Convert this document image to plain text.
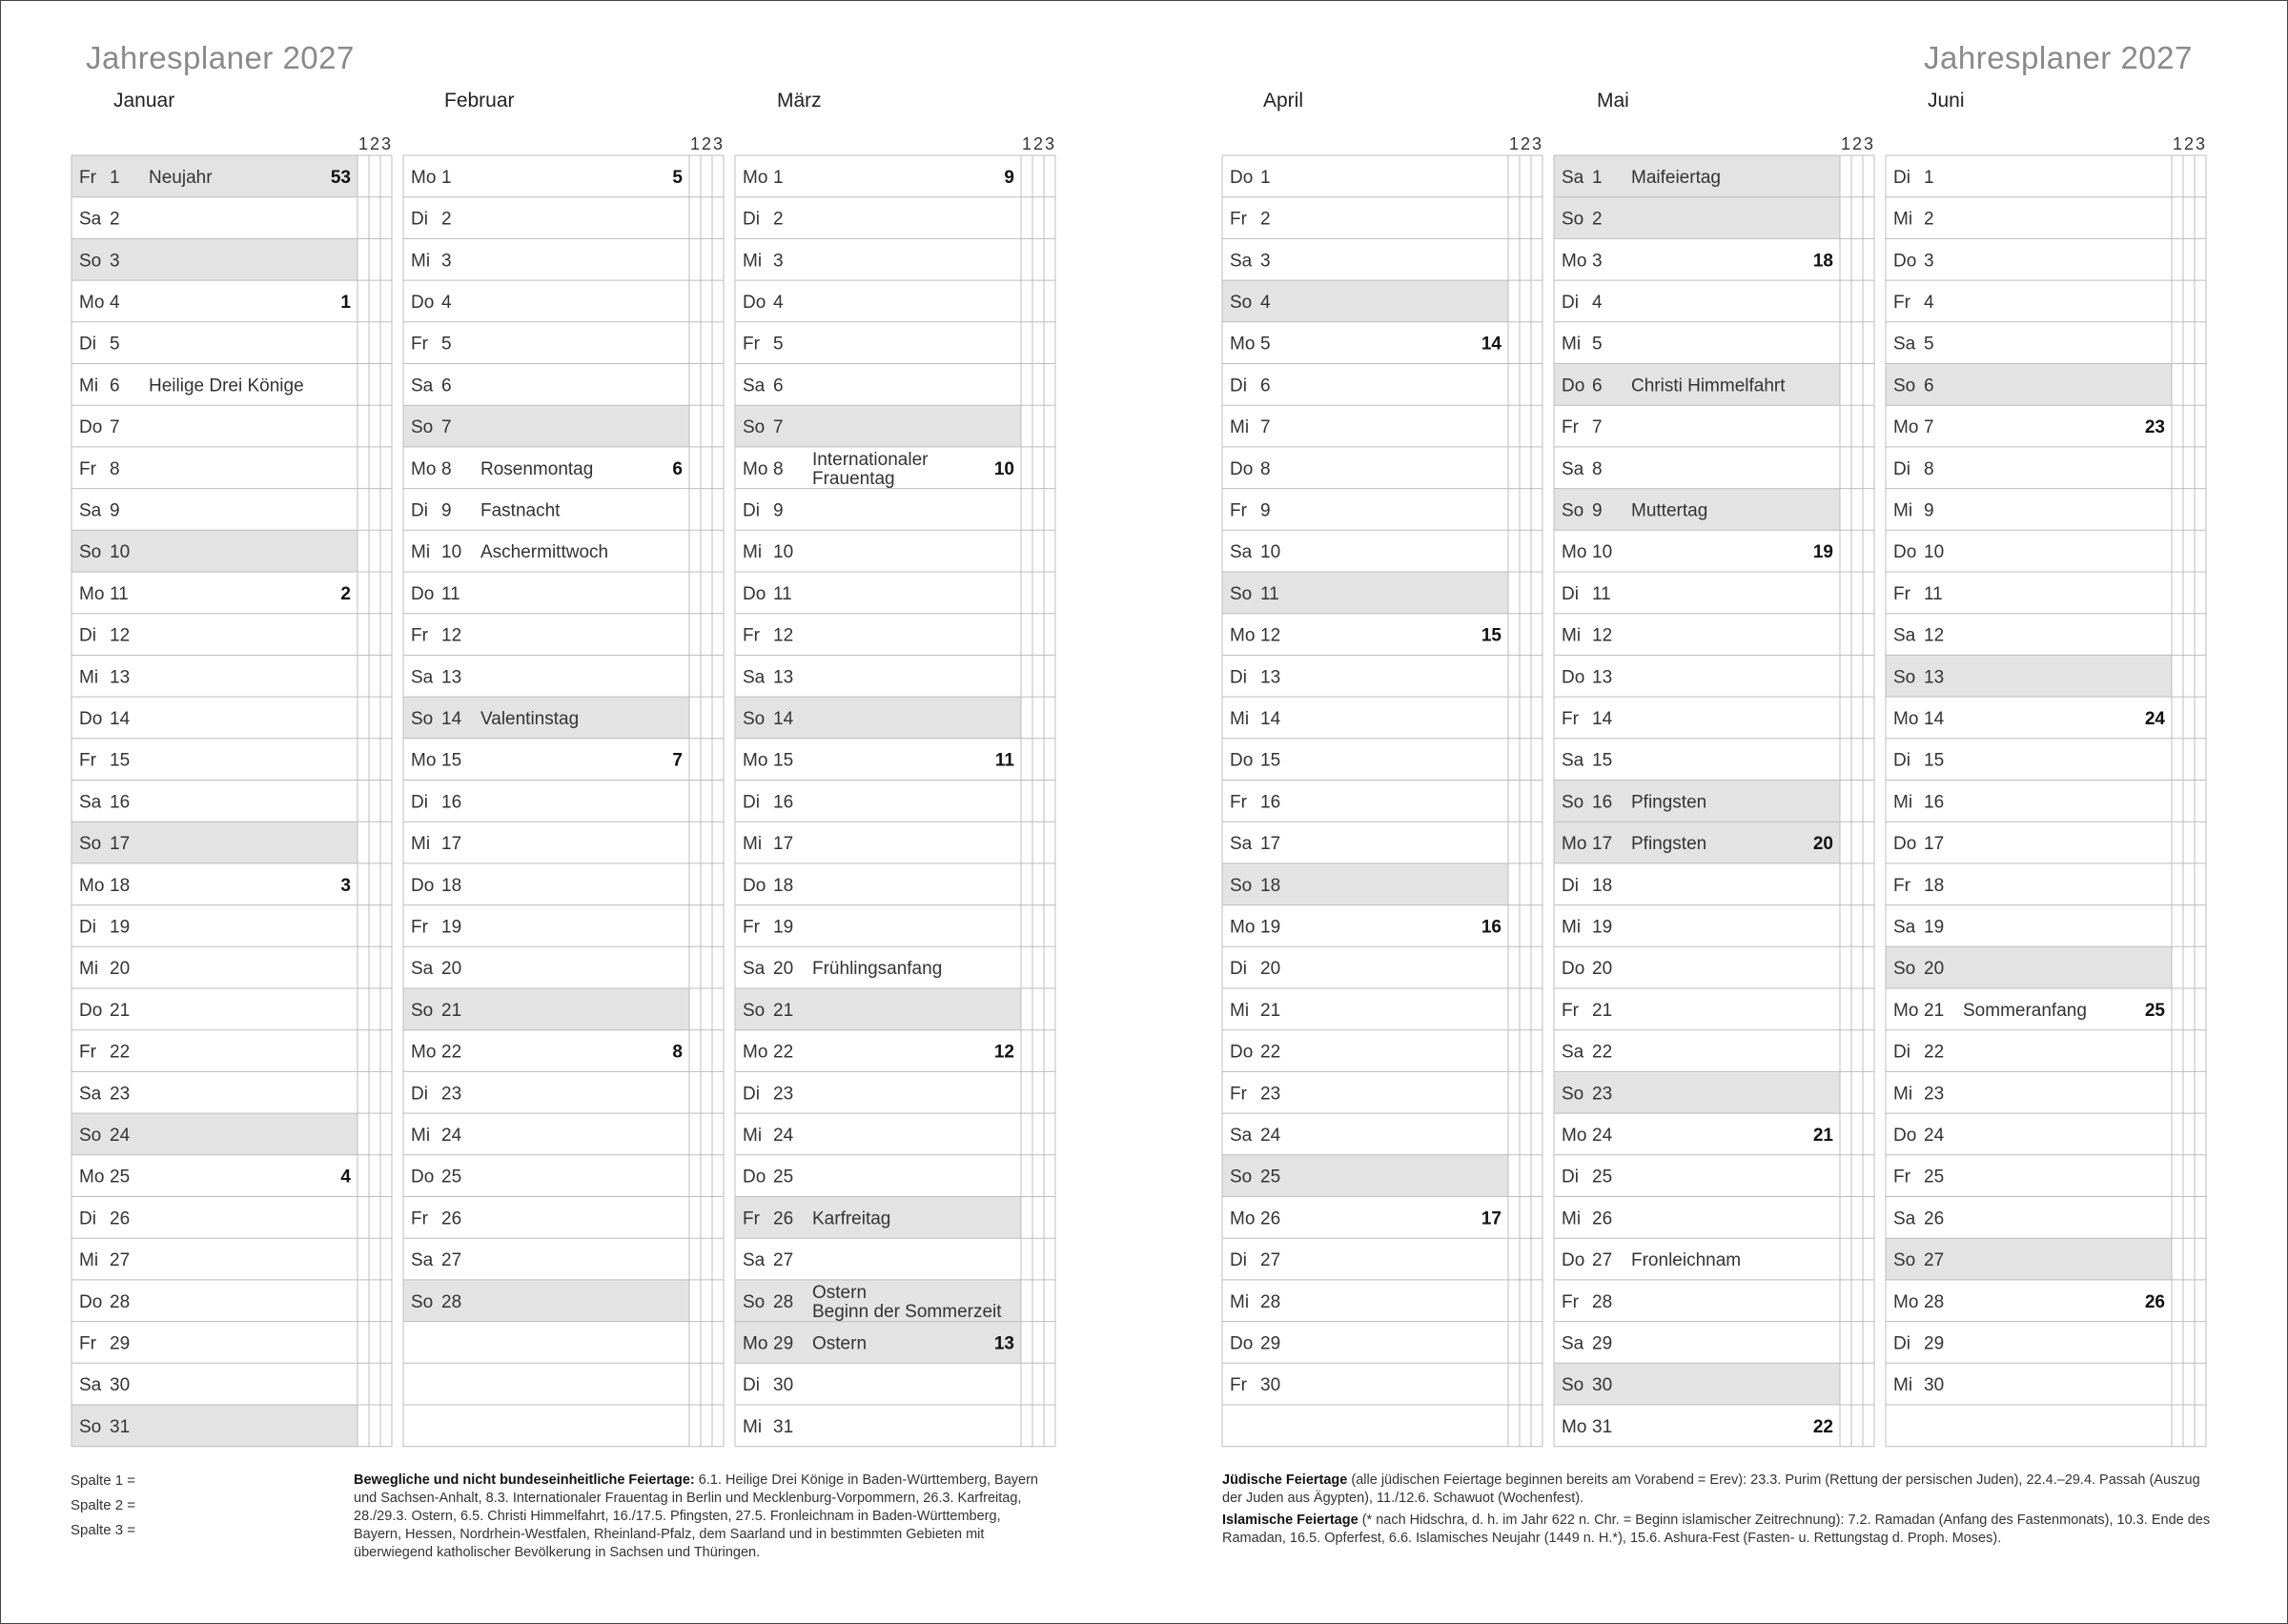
Jahresplaner 2027	Jahresplaner 2027
Januar	Februar	März	April	Mai	Juni
1 2 3
Fr 1 Neujahr	53
Sa 2
So 3
Mo 4	1
Di 5
Mi 6 Heilige Drei Könige
Do 7
Fr 8
Sa 9
So 10
Mo 11	2
Di 12
Mi 13
Do 14
Fr 15
Sa 16
So 17
Mo 18	3
Di 19
Mi 20
Do 21
Fr 22
Sa 23
So 24
Mo 25	4
Di 26
Mi 27
Do 28
Fr 29
Sa 30
So 31
1 2 3
Mo 1	5
Di 2
Mi 3
Do 4
Fr 5
Sa 6
So 7
Mo 8 Rosenmontag	6
Di 9 Fastnacht
Mi 10 Aschermittwoch
Do 11
Fr 12
Sa 13
So 14 Valentinstag
Mo 15	7
Di 16
Mi 17
Do 18
Fr 19
Sa 20
So 21
Mo 22	8
Di 23
Mi 24
Do 25
Fr 26
Sa 27
So 28
1 2 3
Mo 1	9
Di 2
Mi 3
Do 4
Fr 5
Sa 6
So 7
Mo 8 Internationaler
Frauentag	10
Di 9
Mi 10
Do 11
Fr 12
Sa 13
So 14
Mo 15	11
Di 16
Mi 17
Do 18
Fr 19
Sa 20 Frühlingsanfang
So 21
Mo 22	12
Di 23
Mi 24
Do 25
Fr 26 Karfreitag
Sa 27
So 28 Ostern
Beginn der Sommerzeit
Mo 29 Ostern	13
Di 30
Mi 31
1 2 3
Do 1
Fr 2
Sa 3
So 4
Mo 5	14
Di 6
Mi 7
Do 8
Fr 9
Sa 10
So 11
Mo 12	15
Di 13
Mi 14
Do 15
Fr 16
Sa 17
So 18
Mo 19	16
Di 20
Mi 21
Do 22
Fr 23
Sa 24
So 25
Mo 26	17
Di 27
Mi 28
Do 29
Fr 30
1 2 3
Sa 1 Maifeiertag
So 2
Mo 3	18
Di 4
Mi 5
Do 6 Christi Himmelfahrt
Fr 7
Sa 8
So 9 Muttertag
Mo 10	19
Di 11
Mi 12
Do 13
Fr 14
Sa 15
So 16 Pfingsten
Mo 17 Pfingsten	20
Di 18
Mi 19
Do 20
Fr 21
Sa 22
So 23
Mo 24	21
Di 25
Mi 26
Do 27 Fronleichnam
Fr 28
Sa 29
So 30
Mo 31	22
1 2 3
Di 1
Mi 2
Do 3
Fr 4
Sa 5
So 6
Mo 7	23
Di 8
Mi 9
Do 10
Fr 11
Sa 12
So 13
Mo 14	24
Di 15
Mi 16
Do 17
Fr 18
Sa 19
So 20
Mo 21 Sommeranfang	25
Di 22
Mi 23
Do 24
Fr 25
Sa 26
So 27
Mo 28	26
Di 29
Mi 30
Spalte 1 =
Spalte 2 =
Spalte 3 =
Bewegliche und nicht bundeseinheitliche Feiertage: 6.1. Heilige Drei Könige in Baden-Württemberg, Bayern und Sachsen-Anhalt, 8.3. Internationaler Frauentag in Berlin und Mecklenburg-Vorpommern, 26.3. Karfreitag, 28./29.3. Ostern, 6.5. Christi Himmelfahrt, 16./17.5. Pfingsten, 27.5. Fronleichnam in Baden-Württemberg, Bayern, Hessen, Nordrhein-Westfalen, Rheinland-Pfalz, dem Saarland und in bestimmten Gebieten mit überwiegend katholischer Bevölkerung in Sachsen und Thüringen.
Jüdische Feiertage (alle jüdischen Feiertage beginnen bereits am Vorabend = Erev): 23.3. Purim (Rettung der persischen Juden), 22.4.–29.4. Passah (Auszug der Juden aus Ägypten), 11./12.6. Schawuot (Wochenfest).
Islamische Feiertage (* nach Hidschra, d. h. im Jahr 622 n. Chr. = Beginn islamischer Zeitrechnung): 7.2. Ramadan (Anfang des Fastenmonats), 10.3. Ende des Ramadan, 16.5. Opferfest, 6.6. Islamisches Neujahr (1449 n. H.*), 15.6. Ashura-Fest (Fasten- u. Rettungstag d. Proph. Moses).
